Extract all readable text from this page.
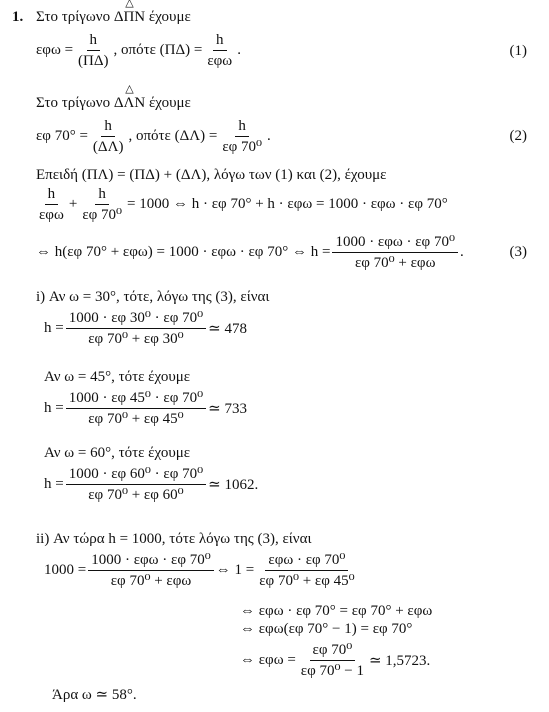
1. Στο τρίγωνο
△
ΔΠΝ έχουμε
$\varepsilon\varphi\omega = \frac{h}{(\Pi\Delta)}$ , οπότε $(\Pi\Delta) = \frac{h}{\text{εφω}}$ .	(1)
Στο τρίγωνο
△
ΔΛΝ έχουμε
εφ $70^\circ = \frac{h}{(\Delta\Lambda)}$ , οπότε $(\Delta\Lambda) = \frac{h}{\text{εφ 70⁰}}$ .	(2)
Επειδή (ΠΛ) = (ΠΔ) + (ΔΛ), λόγω των (1) και (2), έχουμε
$\frac{h}{\text{εφω}} + \frac{h}{\text{εφ 70⁰}} = 1000$ ⇔ h · εφ 70° + h · εφω = 1000 · εφω · εφ 70°
⇔ h(εφ 70° + εφω) = 1000 · εφω · εφ 70° ⇔ $h = \frac{\text{1000 · εφω · εφ 70⁰}}{\text{εφ 70⁰ + εφω}}$ .	(3)
i) Αν ω = 30°, τότε, λόγω της (3), είναι
$h = \frac{\text{1000 · εφ 30⁰ · εφ 70⁰}}{\text{εφ 70⁰ + εφ 30⁰}}$ ≃ 478
Αν ω = 45°, τότε έχουμε
$h = \frac{\text{1000 · εφ 45⁰ · εφ 70⁰}}{\text{εφ 70⁰ + εφ 45⁰}}$ ≃ 733
Αν ω = 60°, τότε έχουμε
$h = \frac{\text{1000 · εφ 60⁰ · εφ 70⁰}}{\text{εφ 70⁰ + εφ 60⁰}}$ ≃ 1062.
ii) Αν τώρα h = 1000, τότε λόγω της (3), είναι
$1000 = \frac{\text{1000 · εφω · εφ 70⁰}}{\text{εφ 70⁰ + εφω}}$ ⇔ $1 = \frac{\text{εφω · εφ 70⁰}}{\text{εφ 70⁰ + εφ 45⁰}}$
⇔ εφω · εφ 70° = εφ 70° + εφω
⇔ εφω(εφ 70° − 1) = εφ 70°
⇔ $\varepsilon\varphi\omega = \frac{\text{εφ 70⁰}}{\text{εφ 70⁰ − 1}}$ ≃ 1,5723.
Άρα ω ≃ 58°.
